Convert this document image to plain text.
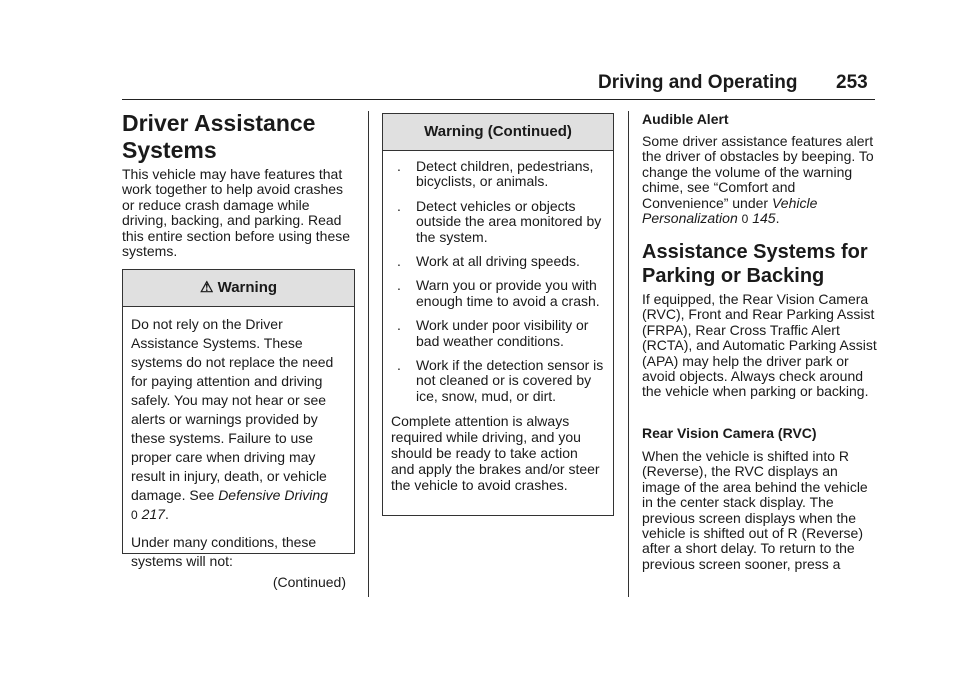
Driving and Operating 253
Driver Assistance Systems

This vehicle may have features that work together to help avoid crashes or reduce crash damage while driving, backing, and parking. Read this entire section before using these systems.

⚠ Warning

Do not rely on the Driver Assistance Systems. These systems do not replace the need for paying attention and driving safely. You may not hear or see alerts or warnings provided by these systems. Failure to use proper care when driving may result in injury, death, or vehicle damage. See Defensive Driving
0 217.

Under many conditions, these systems will not:

(Continued)

Warning (Continued)
. Detect children, pedestrians, bicyclists, or animals.
. Detect vehicles or objects outside the area monitored by the system.
. Work at all driving speeds.
. Warn you or provide you with enough time to avoid a crash.
. Work under poor visibility or bad weather conditions.
. Work if the detection sensor is not cleaned or is covered by ice, snow, mud, or dirt.

Complete attention is always required while driving, and you should be ready to take action and apply the brakes and/or steer the vehicle to avoid crashes.

Audible Alert

Some driver assistance features alert the driver of obstacles by beeping. To change the volume of the warning chime, see “Comfort and Convenience” under Vehicle Personalization 0 145.

Assistance Systems for Parking or Backing

If equipped, the Rear Vision Camera (RVC), Front and Rear Parking Assist (FRPA), Rear Cross Traffic Alert (RCTA), and Automatic Parking Assist (APA) may help the driver park or avoid objects. Always check around the vehicle when parking or backing.

Rear Vision Camera (RVC)

When the vehicle is shifted into R (Reverse), the RVC displays an image of the area behind the vehicle in the center stack display. The previous screen displays when the vehicle is shifted out of R (Reverse) after a short delay. To return to the previous screen sooner, press a
